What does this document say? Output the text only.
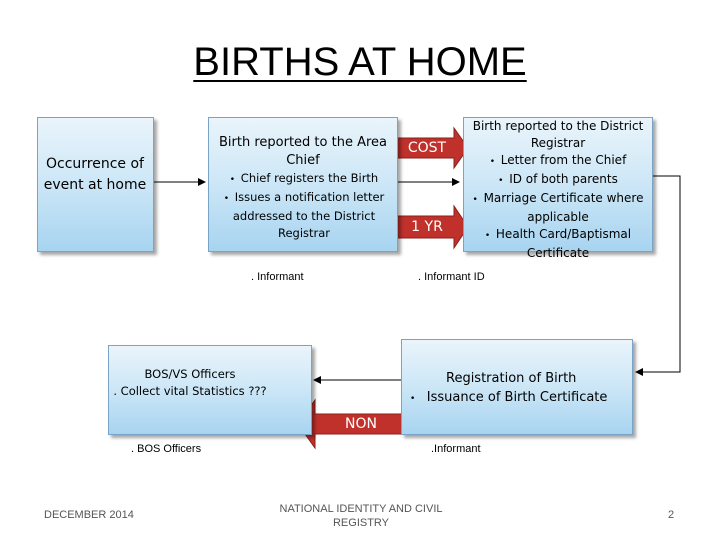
BIRTHS AT HOME
Occurrence of event at home
Birth reported to the Area Chief
•  Chief registers the Birth
•  Issues a notification letter addressed to the District Registrar
Birth reported to the District Registrar
•  Letter from the Chief
•  ID of both parents
•  Marriage Certificate where applicable
•  Health Card/Baptismal Certificate
COST
1 YR
NON
. Informant	. Informant ID
BOS/VS Officers
. Collect vital Statistics ???
Registration of Birth
•    Issuance of Birth Certificate
. BOS Officers	.Informant
DECEMBER 2014	NATIONAL IDENTITY AND CIVIL REGISTRY
2
